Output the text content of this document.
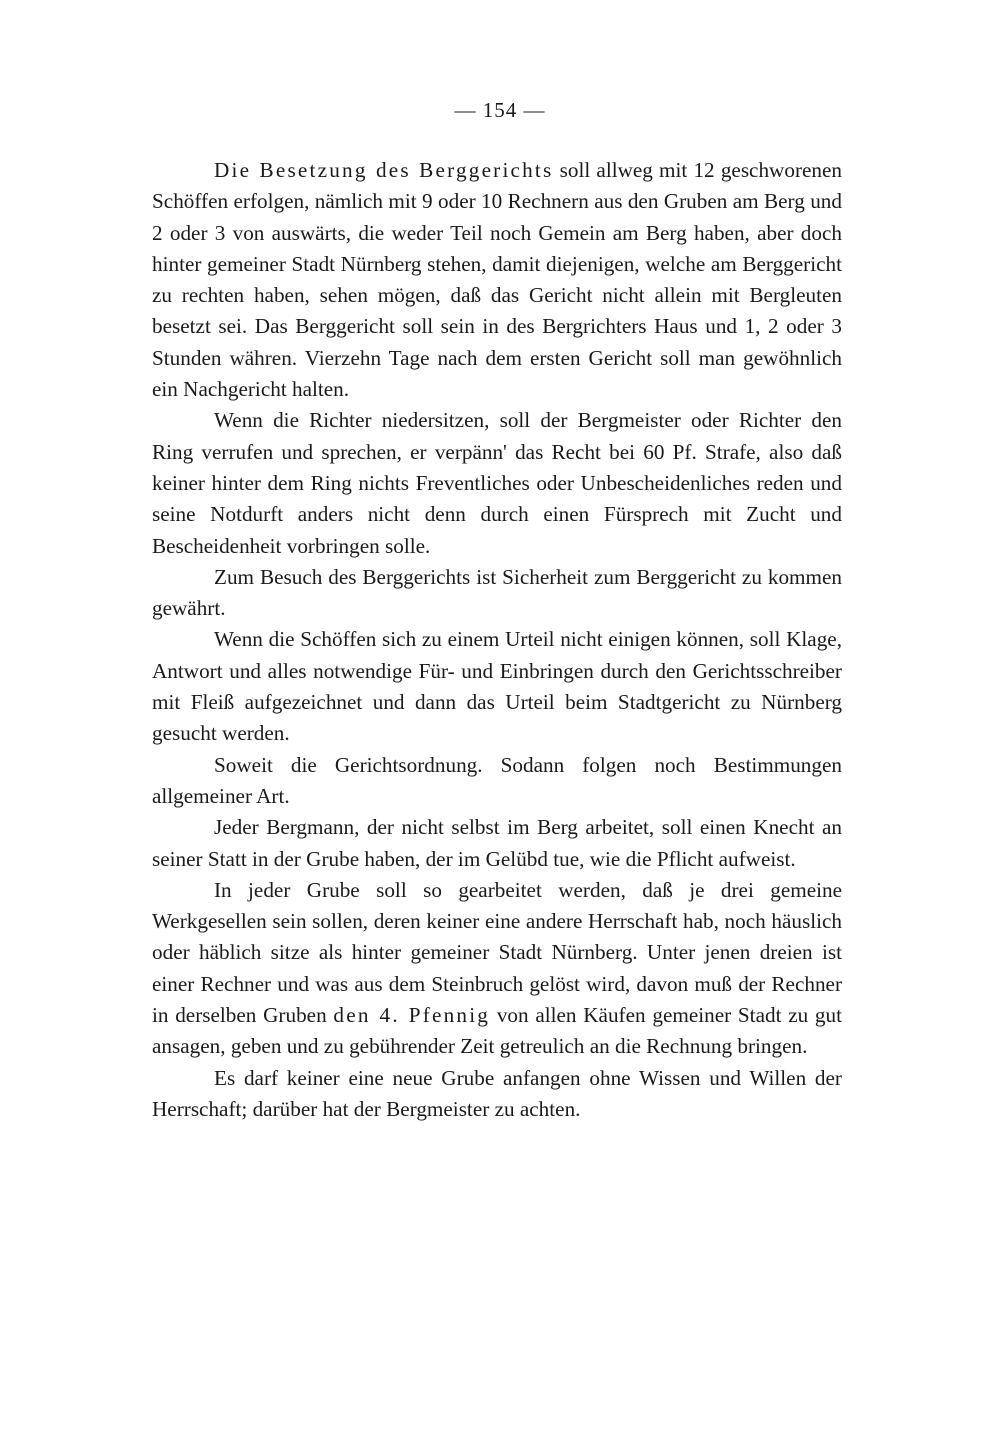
— 154 —

Die Besetzung des Berggerichts soll allweg mit 12 geschworenen Schöffen erfolgen, nämlich mit 9 oder 10 Rechnern aus den Gruben am Berg und 2 oder 3 von auswärts, die weder Teil noch Gemein am Berg haben, aber doch hinter gemeiner Stadt Nürnberg stehen, damit diejenigen, welche am Berggericht zu rechten haben, sehen mögen, daß das Gericht nicht allein mit Bergleuten besetzt sei. Das Berggericht soll sein in des Bergrichters Haus und 1, 2 oder 3 Stunden währen. Vierzehn Tage nach dem ersten Gericht soll man gewöhnlich ein Nachgericht halten.

Wenn die Richter niedersitzen, soll der Bergmeister oder Richter den Ring verrufen und sprechen, er verpänn' das Recht bei 60 Pf. Strafe, also daß keiner hinter dem Ring nichts Freventliches oder Unbescheidenliches reden und seine Notdurft anders nicht denn durch einen Fürsprech mit Zucht und Bescheidenheit vorbringen solle.

Zum Besuch des Berggerichts ist Sicherheit zum Berggericht zu kommen gewährt.

Wenn die Schöffen sich zu einem Urteil nicht einigen können, soll Klage, Antwort und alles notwendige Für- und Einbringen durch den Gerichtsschreiber mit Fleiß aufgezeichnet und dann das Urteil beim Stadtgericht zu Nürnberg gesucht werden.

Soweit die Gerichtsordnung. Sodann folgen noch Bestimmungen allgemeiner Art.

Jeder Bergmann, der nicht selbst im Berg arbeitet, soll einen Knecht an seiner Statt in der Grube haben, der im Gelübd tue, wie die Pflicht aufweist.

In jeder Grube soll so gearbeitet werden, daß je drei gemeine Werkgesellen sein sollen, deren keiner eine andere Herrschaft hab, noch häuslich oder häblich sitze als hinter gemeiner Stadt Nürnberg. Unter jenen dreien ist einer Rechner und was aus dem Steinbruch gelöst wird, davon muß der Rechner in derselben Gruben den 4. Pfennig von allen Käufen gemeiner Stadt zu gut ansagen, geben und zu gebührender Zeit getreulich an die Rechnung bringen.

Es darf keiner eine neue Grube anfangen ohne Wissen und Willen der Herrschaft; darüber hat der Bergmeister zu achten.
